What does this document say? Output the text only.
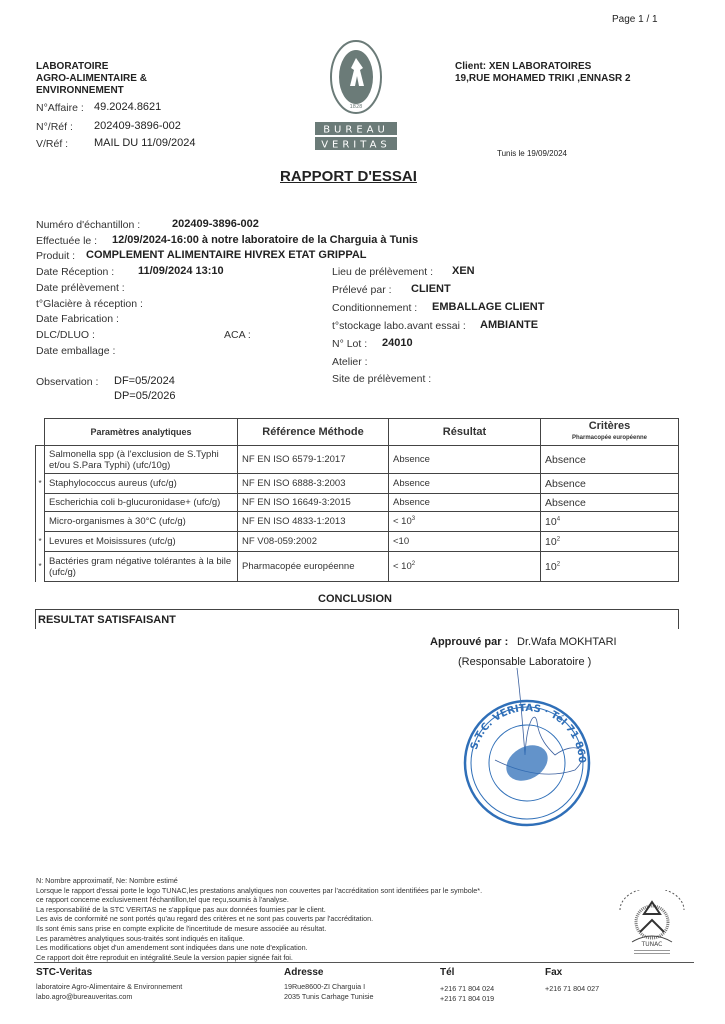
Page 1 / 1
LABORATOIRE
AGRO-ALIMENTAIRE &
ENVIRONNEMENT
N°Affaire : 49.2024.8621
N°/Réf : 202409-3896-002
V/Réf : MAIL DU 11/09/2024
1828
BUREAU
VERITAS
Client: XEN LABORATOIRES
19,RUE MOHAMED TRIKI ,ENNASR 2
Tunis le 19/09/2024
RAPPORT D'ESSAI
Numéro d'échantillon :	202409-3896-002
Effectuée le : 12/09/2024-16:00 à notre laboratoire de la Charguia à Tunis
Produit : COMPLEMENT ALIMENTAIRE HIVREX ETAT GRIPPAL
Date Réception : 11/09/2024 13:10
Date prélèvement :
t°Glacière à réception :
Date Fabrication :
DLC/DLUO :	ACA :
Date emballage :
Observation : DF=05/2024
DP=05/2026
Lieu de prélèvement : XEN
Prélevé par : CLIENT
Conditionnement : EMBALLAGE CLIENT
t°stockage labo.avant essai : AMBIANTE
N° Lot : 24010
Atelier :
Site de prélèvement :
	Paramètres analytiques	Référence Méthode	Résultat	Critères
Pharmacopée européenne
	Salmonella spp (à l'exclusion de S.Typhi et/ou S.Para Typhi) (ufc/10g)	NF EN ISO 6579-1:2017	Absence	Absence
*	Staphylococcus aureus (ufc/g)	NF EN ISO 6888-3:2003	Absence	Absence
	Escherichia coli b-glucuronidase+ (ufc/g)	NF EN ISO 16649-3:2015	Absence	Absence
	Micro-organismes à 30°C (ufc/g)	NF EN ISO 4833-1:2013	< $10^3$	$10^4$
*	Levures et Moisissures (ufc/g)	NF V08-059:2002	<10	$10^2$
*	Bactéries gram négative tolérantes à la bile (ufc/g)	Pharmacopée européenne	< $10^2$	$10^2$
CONCLUSION
RESULTAT SATISFAISANT
Approuvé par : Dr.Wafa MOKHTARI
(Responsable Laboratoire )
S.T.C. VERITAS · Tél 71 860
N: Nombre approximatif, Ne: Nombre estimé
Lorsque le rapport d'essai porte le logo TUNAC,les prestations analytiques non couvertes par l'accréditation sont identifiées par le symbole*.
ce rapport concerne exclusivement l'échantillon,tel que reçu,soumis à l'analyse.
La responsabilité de la STC VERITAS ne s'applique pas aux données fournies par le client.
Les avis de conformité ne sont portés qu'au regard des critères et ne sont pas couverts par l'accréditation.
Ils sont émis sans prise en compte explicite de l'incertitude de mesure associée au résultat.
Les paramètres analytiques sous-traités sont indiqués en italique.
Les modifications objet d'un amendement sont indiquées dans une note d'explication.
Ce rapport doit être reproduit en intégralité.Seule la version papier signée fait foi.
TUNAC
STC-Veritas
laboratoire Agro-Alimentaire & Environnement
labo.agro@bureauveritas.com
Adresse
19Rue8600-ZI Charguia I
2035 Tunis Carhage Tunisie
Tél
+216 71 804 024
+216 71 804 019
Fax
+216 71 804 027
